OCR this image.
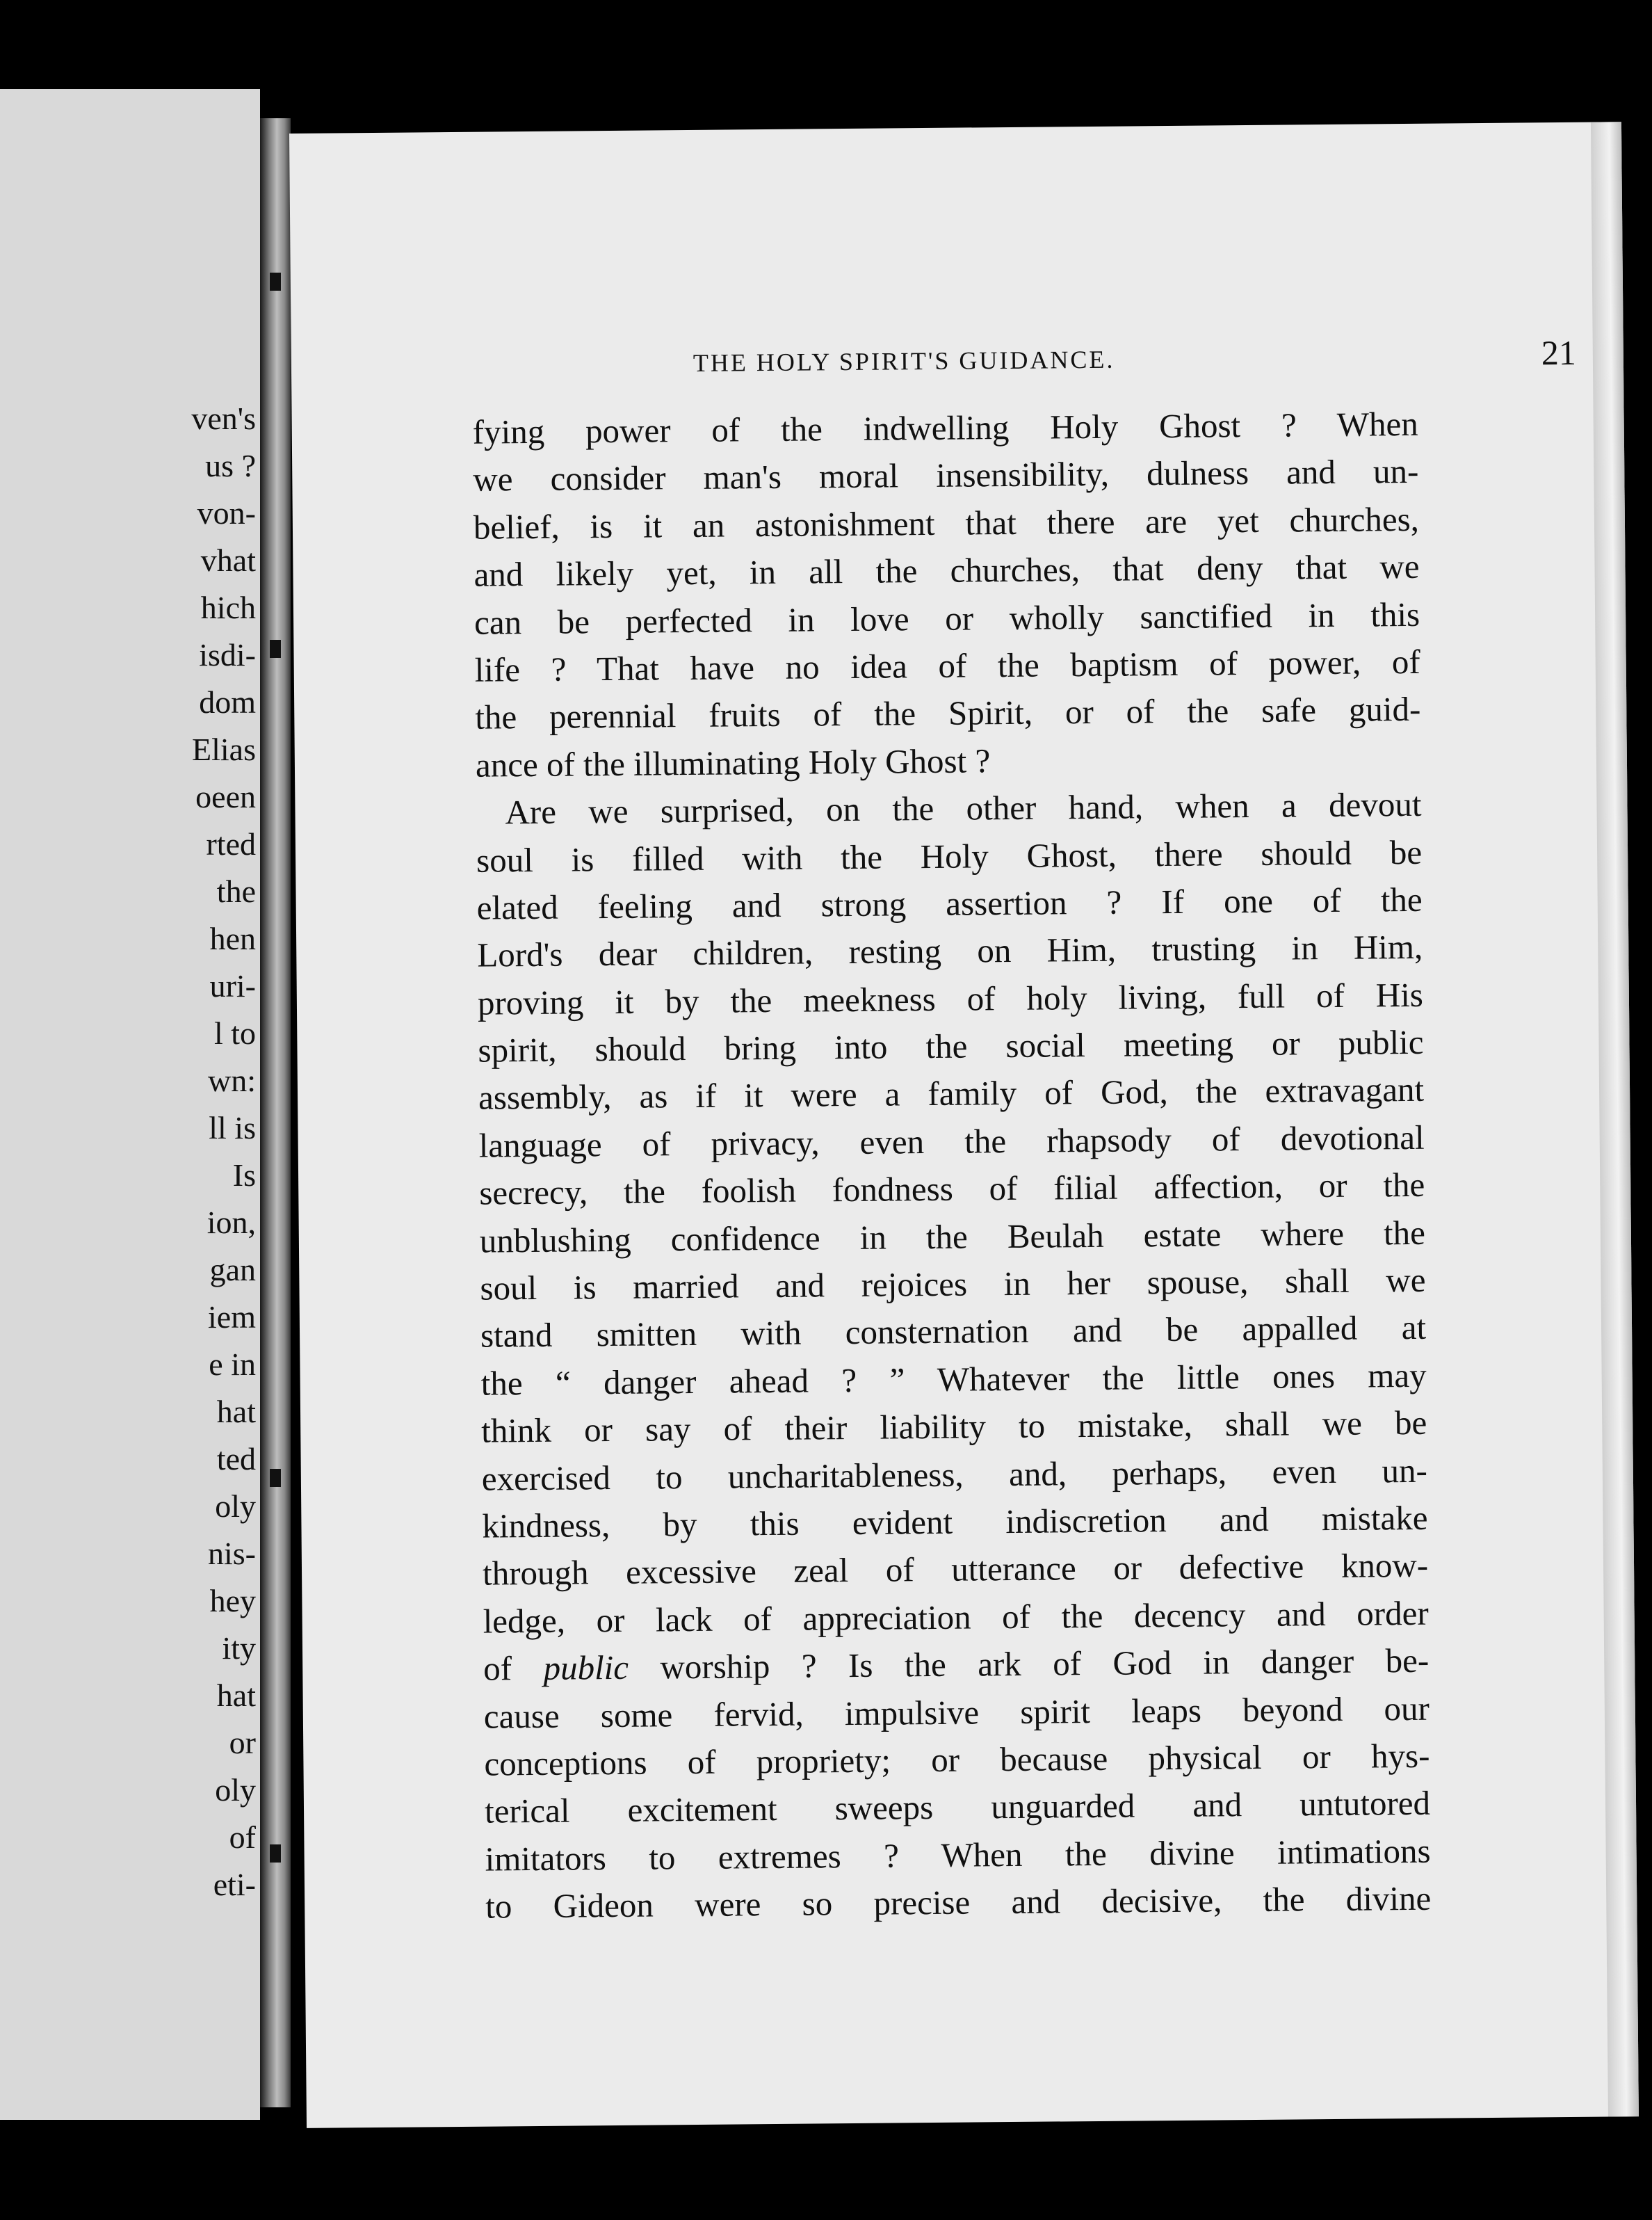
ven's
us ?
von-
vhat
hich
isdi-
dom
Elias
oeen
rted
the
hen
uri-
l to
wn:
ll is
Is
ion,
gan
iem
e in
hat
ted
oly
nis-
hey
ity
hat
or
oly
of
eti-
THE HOLY SPIRIT'S GUIDANCE.	21
fying power of the indwelling Holy Ghost ? When
we consider man's moral insensibility, dulness and un-
belief, is it an astonishment that there are yet churches,
and likely yet, in all the churches, that deny that we
can be perfected in love or wholly sanctified in this
life ? That have no idea of the baptism of power, of
the perennial fruits of the Spirit, or of the safe guid-
ance of the illuminating Holy Ghost ?
Are we surprised, on the other hand, when a devout
soul is filled with the Holy Ghost, there should be
elated feeling and strong assertion ? If one of the
Lord's dear children, resting on Him, trusting in Him,
proving it by the meekness of holy living, full of His
spirit, should bring into the social meeting or public
assembly, as if it were a family of God, the extravagant
language of privacy, even the rhapsody of devotional
secrecy, the foolish fondness of filial affection, or the
unblushing confidence in the Beulah estate where the
soul is married and rejoices in her spouse, shall we
stand smitten with consternation and be appalled at
the “ danger ahead ? ” Whatever the little ones may
think or say of their liability to mistake, shall we be
exercised to uncharitableness, and, perhaps, even un-
kindness, by this evident indiscretion and mistake
through excessive zeal of utterance or defective know-
ledge, or lack of appreciation of the decency and order
of public worship ? Is the ark of God in danger be-
cause some fervid, impulsive spirit leaps beyond our
conceptions of propriety; or because physical or hys-
terical excitement sweeps unguarded and untutored
imitators to extremes ? When the divine intimations
to Gideon were so precise and decisive, the divine
